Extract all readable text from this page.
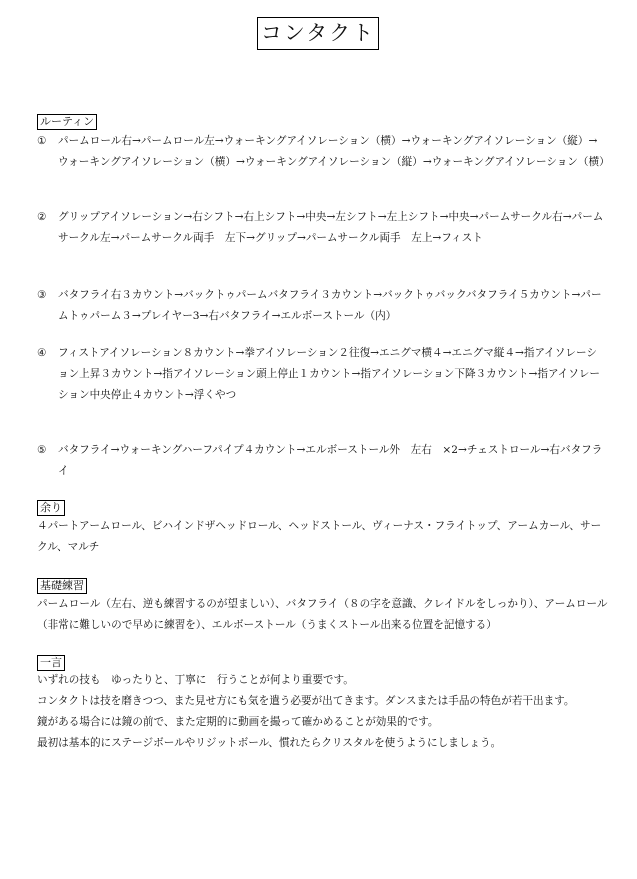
コンタクト
ルーティン
①	パームロール右→パームロール左→ウォーキングアイソレーション（横）→ウォーキングアイソレーション（縦）→ウォーキングアイソレーション（横）→ウォーキングアイソレーション（縦）→ウォーキングアイソレーション（横）
②	グリップアイソレーション→右シフト→右上シフト→中央→左シフト→左上シフト→中央→パームサークル右→パームサークル左→パームサークル両手　左下→グリップ→パームサークル両手　左上→フィスト
③	バタフライ右３カウント→バックトゥパームバタフライ３カウント→バックトゥバックバタフライ５カウント→パームトゥパーム３→プレイヤー3→右バタフライ→エルボーストール（内）
④	フィストアイソレーション８カウント→拳アイソレーション２往復→エニグマ横４→エニグマ縦４→指アイソレーション上昇３カウント→指アイソレーション頭上停止１カウント→指アイソレーション下降３カウント→指アイソレーション中央停止４カウント→浮くやつ
⑤	バタフライ→ウォーキングハーフパイプ４カウント→エルボーストール外　左右　×2→チェストロール→右バタフライ
余り
４パートアームロール、ビハインドザヘッドロール、ヘッドストール、ヴィーナス・フライトップ、アームカール、サークル、マルチ
基礎練習
パームロール（左右、逆も練習するのが望ましい）、バタフライ（８の字を意識、クレイドルをしっかり）、アームロール（非常に難しいので早めに練習を）、エルボーストール（うまくストール出来る位置を記憶する）
一言
いずれの技も　ゆったりと、丁寧に　行うことが何より重要です。
コンタクトは技を磨きつつ、また見せ方にも気を遣う必要が出てきます。ダンスまたは手品の特色が若干出ます。
鏡がある場合には鏡の前で、また定期的に動画を撮って確かめることが効果的です。
最初は基本的にステージボールやリジットボール、慣れたらクリスタルを使うようにしましょう。
